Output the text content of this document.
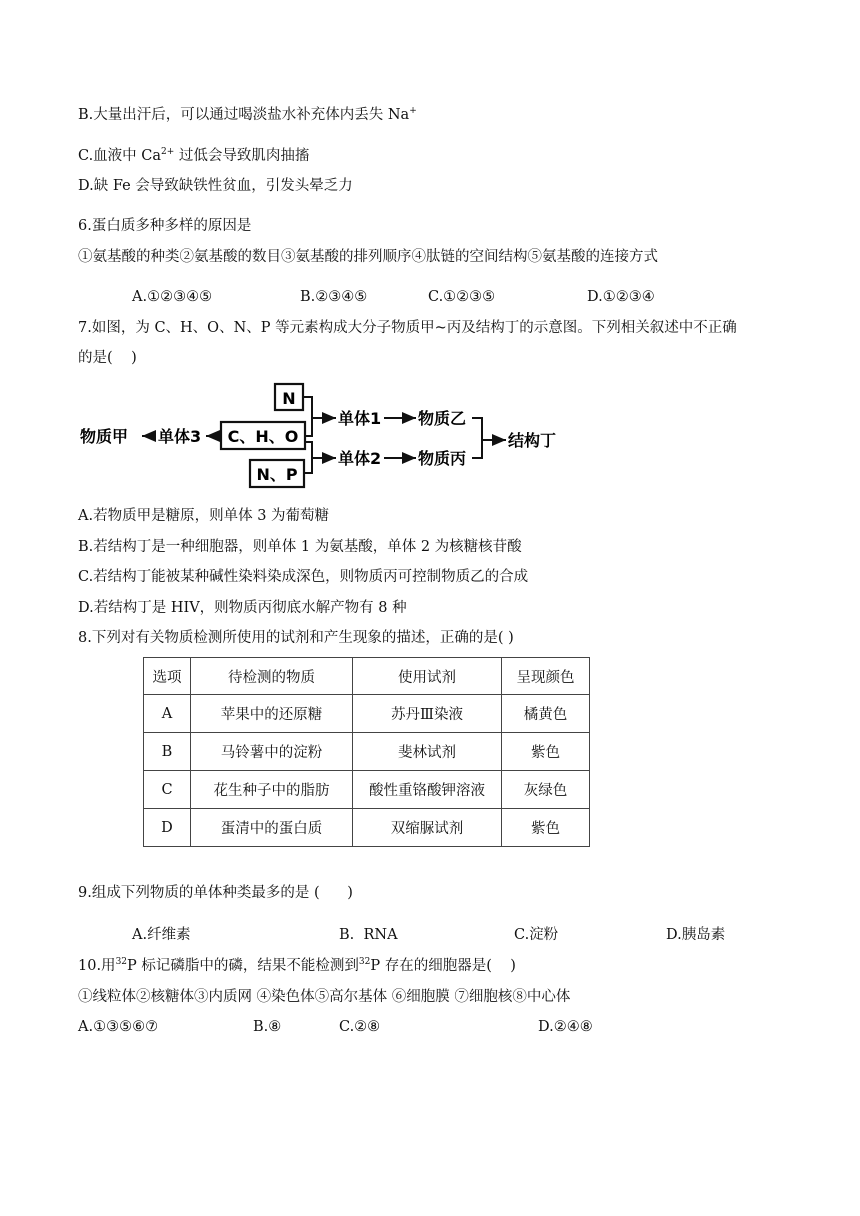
B.大量出汗后，可以通过喝淡盐水补充体内丢失 Na+
C.血液中 $Ca^{2+}$ 过低会导致肌肉抽搐
D.缺 Fe 会导致缺铁性贫血，引发头晕乏力
6.蛋白质多种多样的原因是
①氨基酸的种类②氨基酸的数目③氨基酸的排列顺序④肽链的空间结构⑤氨基酸的连接方式
A.①②③④⑤	B.②③④⑤	C.①②③⑤	D.①②③④
7.如图，为 C、H、O、N、P 等元素构成大分子物质甲~丙及结构丁的示意图。下列相关叙述中不正确
的是(    )
N
C、H、O
N、P
物质甲 单体3
单体1 物质乙
单体2 物质丙
结构丁
A.若物质甲是糖原，则单体 3 为葡萄糖
B.若结构丁是一种细胞器，则单体 1 为氨基酸，单体 2 为核糖核苷酸
C.若结构丁能被某种碱性染料染成深色，则物质丙可控制物质乙的合成
D.若结构丁是 HIV，则物质丙彻底水解产物有 8 种
8.下列对有关物质检测所使用的试剂和产生现象的描述，正确的是( )
选项	待检测的物质	使用试剂	呈现颜色
A	苹果中的还原糖	苏丹Ⅲ染液	橘黄色
B	马铃薯中的淀粉	斐林试剂	紫色
C	花生种子中的脂肪	酸性重铬酸钾溶液	灰绿色
D	蛋清中的蛋白质	双缩脲试剂	紫色
9.组成下列物质的单体种类最多的是 (      )
A.纤维素	B.  RNA	C.淀粉	D.胰岛素
10.用$^{32}$P 标记磷脂中的磷，结果不能检测到$^{32}$P 存在的细胞器是(    )
①线粒体②核糖体③内质网 ④染色体⑤高尔基体 ⑥细胞膜 ⑦细胞核⑧中心体
A.①③⑤⑥⑦	B.⑧	C.②⑧	D.②④⑧
